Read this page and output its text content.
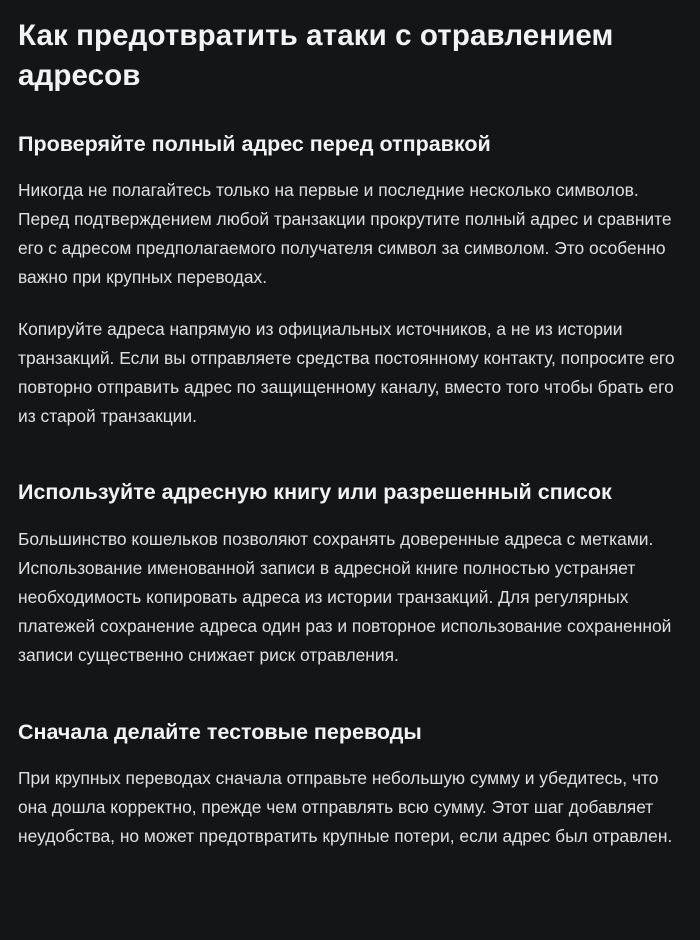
Как предотвратить атаки с отравлением адресов
Проверяйте полный адрес перед отправкой

Никогда не полагайтесь только на первые и последние несколько символов. Перед подтверждением любой транзакции прокрутите полный адрес и сравните его с адресом предполагаемого получателя символ за символом. Это особенно важно при крупных переводах.

Копируйте адреса напрямую из официальных источников, а не из истории транзакций. Если вы отправляете средства постоянному контакту, попросите его повторно отправить адрес по защищенному каналу, вместо того чтобы брать его из старой транзакции.

Используйте адресную книгу или разрешенный список

Большинство кошельков позволяют сохранять доверенные адреса с метками. Использование именованной записи в адресной книге полностью устраняет необходимость копировать адреса из истории транзакций. Для регулярных платежей сохранение адреса один раз и повторное использование сохраненной записи существенно снижает риск отравления.

Сначала делайте тестовые переводы

При крупных переводах сначала отправьте небольшую сумму и убедитесь, что она дошла корректно, прежде чем отправлять всю сумму. Этот шаг добавляет неудобства, но может предотвратить крупные потери, если адрес был отравлен.
